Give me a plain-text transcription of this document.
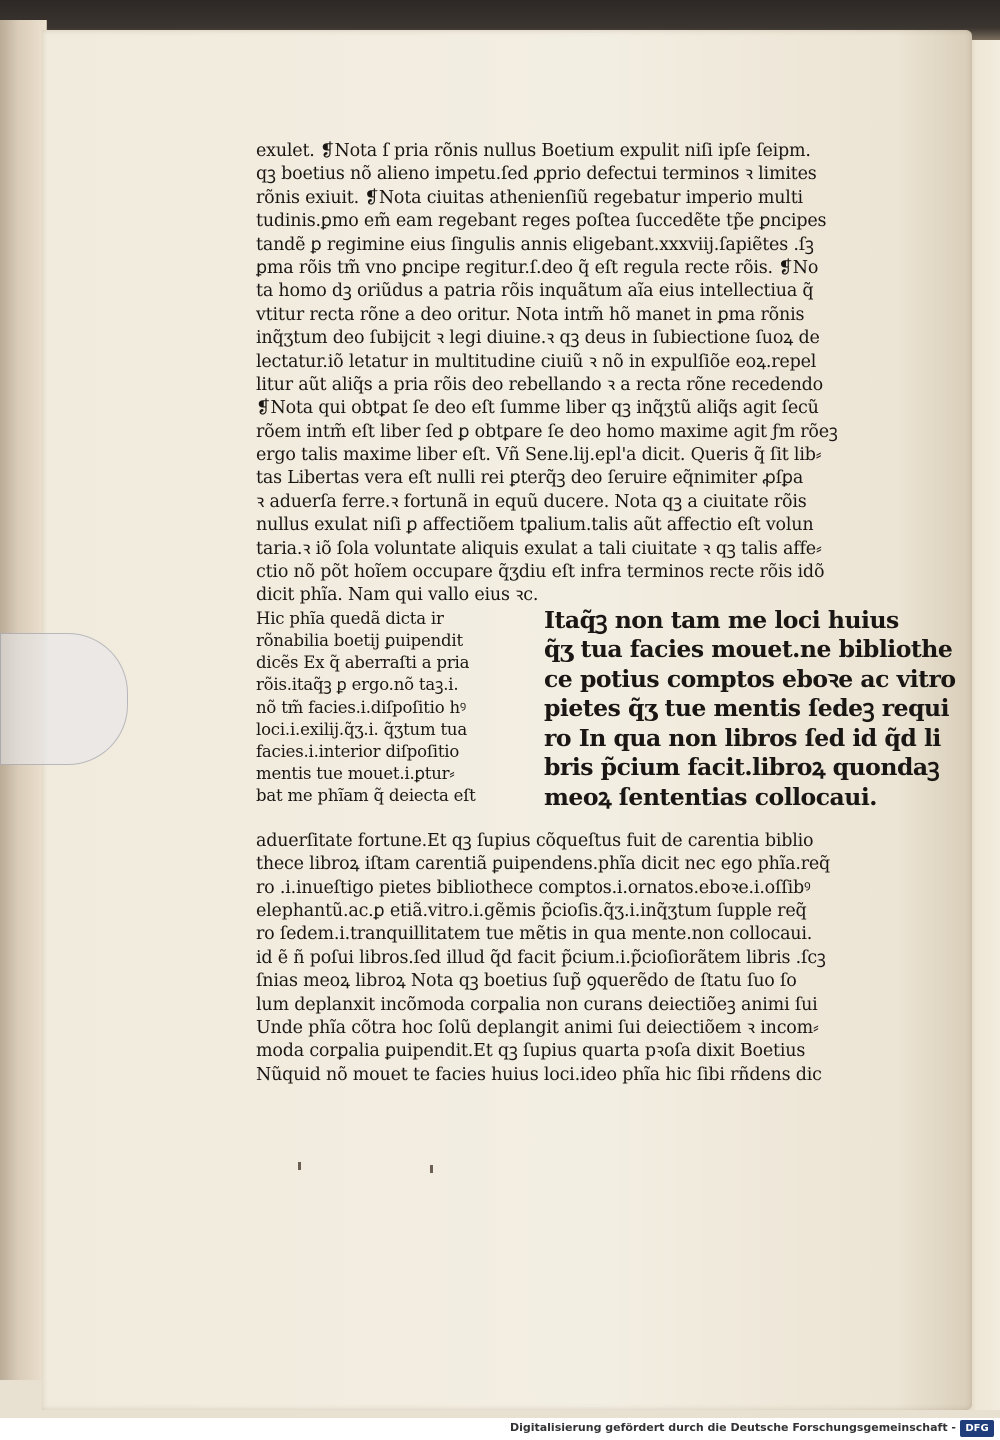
exulet. ❡Nota ſ pria rõnis nullus Boetium expulit niſi ipſe ſeipm.
qꝫ boetius nõ alieno impetu.ſed ꝓprio defectui terminos ꝛ limites
rõnis exiuit. ❡Nota ciuitas athenienſiũ regebatur imperio multi
tudinis.ꝑmo em̃ eam regebant reges poſtea ſuccedẽte tp̃e ꝑncipes
tandẽ ꝑ regimine eius ſingulis annis eligebant.xxxviij.ſapiẽtes .ſꝫ
ꝑma rõis tm̃ vno ꝑncipe regitur.ſ.deo q̃ eſt regula recte rõis. ❡No
ta homo dꝫ oriũdus a patria rõis inquãtum aĩa eius intellectiua q̃
vtitur recta rõne a deo oritur. Nota intm̃ hõ manet in ꝑma rõnis
inq̃ʒtum deo ſubijcit ꝛ legi diuine.ꝛ qꝫ deus in ſubiectione ſuoꝝ de
lectatur.iõ letatur in multitudine ciuiũ ꝛ nõ in expulſiõe eoꝝ.repel
litur aũt aliq̃s a pria rõis deo rebellando ꝛ a recta rõne recedendo
❡Nota qui obtꝑat ſe deo eſt ſumme liber qꝫ inq̃ʒtũ aliq̃s agit ſecũ
rõem intm̃ eſt liber ſed ꝑ obtꝑare ſe deo homo maxime agit ƒm rõeꝫ
ergo talis maxime liber eſt. Vñ Sene.lij.epl'a dicit. Queris q̃ ſit lib⸗
tas Libertas vera eſt nulli rei ꝑterq̃ꝫ deo ſeruire eq̃nimiter ꝓſꝑa
ꝛ aduerſa ferre.ꝛ fortunã in equũ ducere. Nota qꝫ a ciuitate rõis
nullus exulat niſi ꝑ affectiõem tꝑalium.talis aũt affectio eſt volun
taria.ꝛ iõ ſola voluntate aliquis exulat a tali ciuitate ꝛ qꝫ talis affe⸗
ctio nõ põt hoĩem occupare q̃ʒdiu eſt infra terminos recte rõis idõ
dicit phĩa. Nam qui vallo eius ꝛc.
Hic phĩa quedã dicta ir
rõnabilia boetij ꝑuipendit
dicẽs Ex q̃ aberraſti a pria
rõis.itaq̃ꝫ ꝑ ergo.nõ taꝫ.i.
nõ tm̃ facies.i.diſpoſitio hꝰ
loci.i.exilij.q̃ʒ.i. q̃ʒtum tua
facies.i.interior diſpoſitio
mentis tue mouet.i.ꝑtur⸗
bat me phĩam q̃ deiecta eſt
Itaq̃ꝫ non tam me loci huius
q̃ʒ tua facies mouet.ne bibliothe
ce potius comptos eboꝛe ac vitro
pietes q̃ʒ tue mentis ſedeꝫ requi
ro In qua non libros ſed id q̃d li
bris p̃cium facit.libroꝝ quondaꝫ
meoꝝ ſententias collocaui.
aduerſitate fortune.Et qꝫ ſupius cõqueſtus fuit de carentia biblio
thece libroꝝ iſtam carentiã ꝑuipendens.phĩa dicit nec ego phĩa.req̃
ro .i.inueſtigo pietes bibliothece comptos.i.ornatos.eboꝛe.i.oſſibꝰ
elephantũ.ac.ꝑ etiã.vitro.i.gẽmis p̃cioſis.q̃ʒ.i.inq̃ʒtum ſupple req̃
ro ſedem.i.tranquillitatem tue mẽtis in qua mente.non collocaui.
id ẽ ñ poſui libros.ſed illud q̃d facit p̃cium.i.p̃cioſiorãtem libris .ſcꝫ
ſnias meoꝝ libroꝝ Nota qꝫ boetius ſup̃ ꝯquerẽdo de ſtatu ſuo ſo
lum deplanxit incõmoda corꝑalia non curans deiectiõeꝫ animi ſui
Unde phĩa cõtra hoc ſolũ deplangit animi ſui deiectiõem ꝛ incom⸗
moda corꝑalia ꝑuipendit.Et qꝫ ſupius quarta pꝛoſa dixit Boetius
Nũquid nõ mouet te facies huius loci.ideo phĩa hic ſibi rñdens dic
Digitalisierung gefördert durch die Deutsche Forschungsgemeinschaft - DFG
